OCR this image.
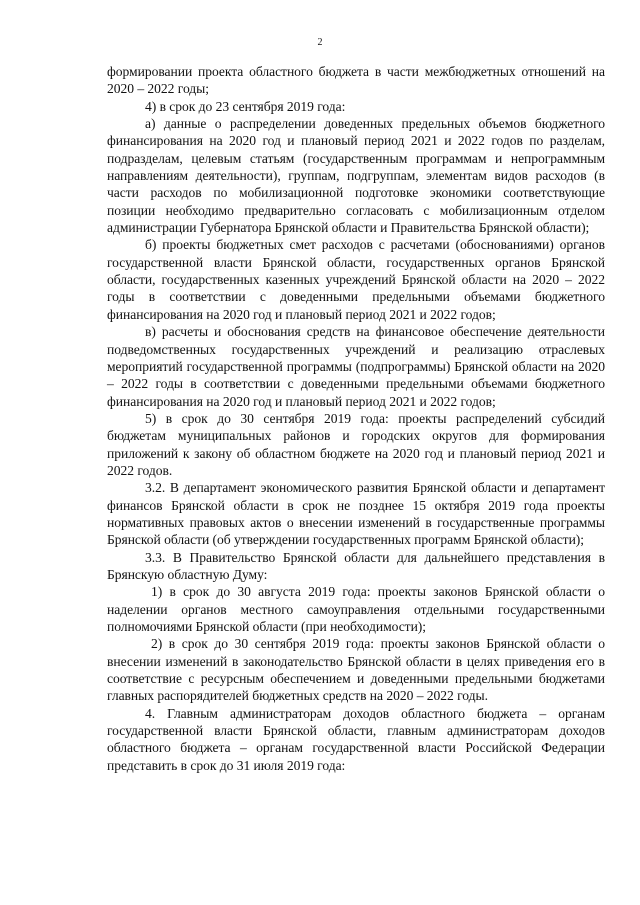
2

формировании проекта областного бюджета в части межбюджетных отношений на 2020 – 2022 годы;

4) в срок до 23 сентября 2019 года:

а) данные о распределении доведенных предельных объемов бюджетного финансирования на 2020 год и плановый период 2021 и 2022 годов по разделам, подразделам, целевым статьям (государственным программам и непрограммным направлениям деятельности), группам, подгруппам, элементам видов расходов (в части расходов по мобилизационной подготовке экономики соответствующие позиции необходимо предварительно согласовать с мобилизационным отделом администрации Губернатора Брянской области и Правительства Брянской области);

б) проекты бюджетных смет расходов с расчетами (обоснованиями) органов государственной власти Брянской области, государственных органов Брянской области, государственных казенных учреждений Брянской области на 2020 – 2022 годы в соответствии с доведенными предельными объемами бюджетного финансирования на 2020 год и плановый период 2021 и 2022 годов;

в) расчеты и обоснования средств на финансовое обеспечение деятельности подведомственных государственных учреждений и реализацию отраслевых мероприятий государственной программы (подпрограммы) Брянской области на 2020 – 2022 годы в соответствии с доведенными предельными объемами бюджетного финансирования на 2020 год и плановый период 2021 и 2022 годов;

5) в срок до 30 сентября 2019 года: проекты распределений субсидий бюджетам муниципальных районов и городских округов для формирования приложений к закону об областном бюджете на 2020 год и плановый период 2021 и 2022 годов.

3.2. В департамент экономического развития Брянской области и департамент финансов Брянской области в срок не позднее 15 октября 2019 года проекты нормативных правовых актов о внесении изменений в государственные программы Брянской области (об утверждении государственных программ Брянской области);

3.3. В Правительство Брянской области для дальнейшего представления в Брянскую областную Думу:

1) в срок до 30 августа 2019 года: проекты законов Брянской области о наделении органов местного самоуправления отдельными государственными полномочиями Брянской области (при необходимости);

2) в срок до 30 сентября 2019 года: проекты законов Брянской области о внесении изменений в законодательство Брянской области в целях приведения его в соответствие с ресурсным обеспечением и доведенными предельными бюджетами главных распорядителей бюджетных средств на 2020 – 2022 годы.

4. Главным администраторам доходов областного бюджета – органам государственной власти Брянской области, главным администраторам доходов областного бюджета – органам государственной власти Российской Федерации представить в срок до 31 июля 2019 года:
